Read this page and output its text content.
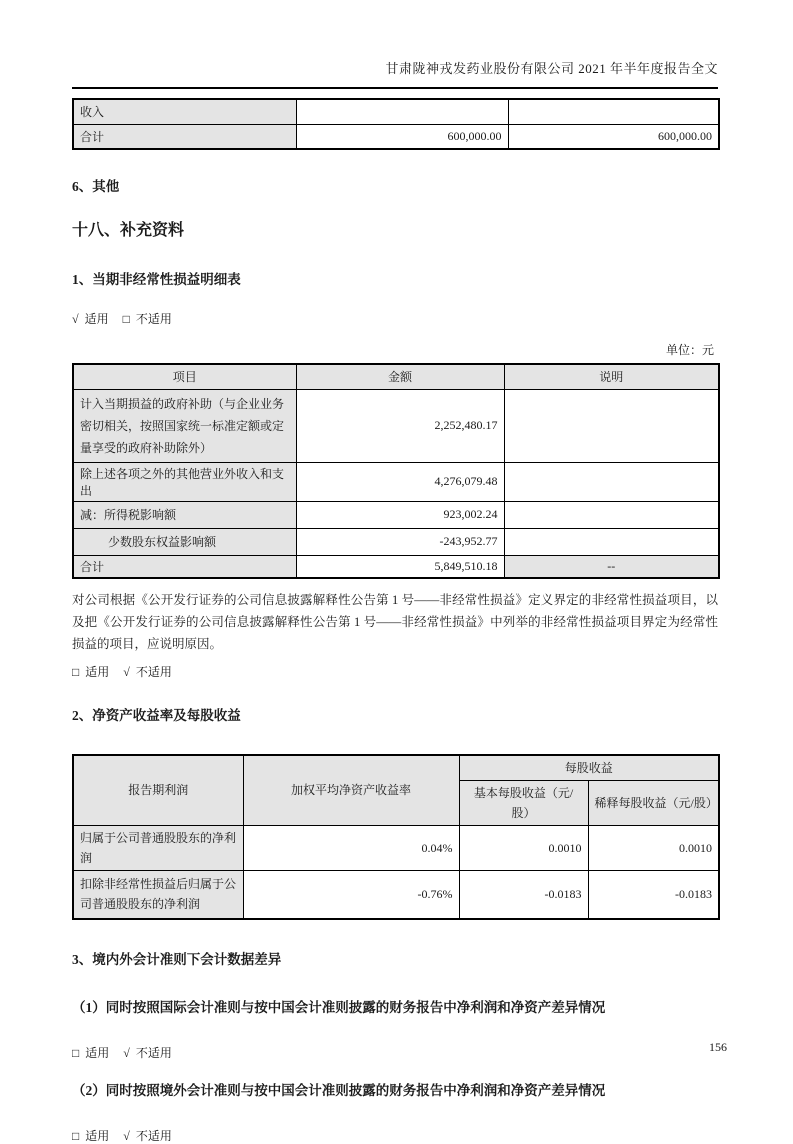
甘肃陇神戎发药业股份有限公司 2021 年半年度报告全文
收入		
合计	600,000.00	600,000.00
6、其他
十八、补充资料
1、当期非经常性损益明细表
√ 适用 □ 不适用
单位：元
项目	金额	说明
计入当期损益的政府补助（与企业业务密切相关，按照国家统一标准定额或定量享受的政府补助除外）	2,252,480.17	
除上述各项之外的其他营业外收入和支出	4,276,079.48	
减：所得税影响额	923,002.24	
少数股东权益影响额	-243,952.77	
合计	5,849,510.18	--
对公司根据《公开发行证券的公司信息披露解释性公告第 1 号——非经常性损益》定义界定的非经常性损益项目，以及把《公开发行证券的公司信息披露解释性公告第 1 号——非经常性损益》中列举的非经常性损益项目界定为经常性损益的项目，应说明原因。
□ 适用 √ 不适用
2、净资产收益率及每股收益
报告期利润	加权平均净资产收益率	每股收益	
		基本每股收益（元/股）	稀释每股收益（元/股）
归属于公司普通股股东的净利润	0.04%	0.0010	0.0010
扣除非经常性损益后归属于公司普通股股东的净利润	-0.76%	-0.0183	-0.0183
3、境内外会计准则下会计数据差异
（1）同时按照国际会计准则与按中国会计准则披露的财务报告中净利润和净资产差异情况
□ 适用 √ 不适用
（2）同时按照境外会计准则与按中国会计准则披露的财务报告中净利润和净资产差异情况
□ 适用 √ 不适用
156
